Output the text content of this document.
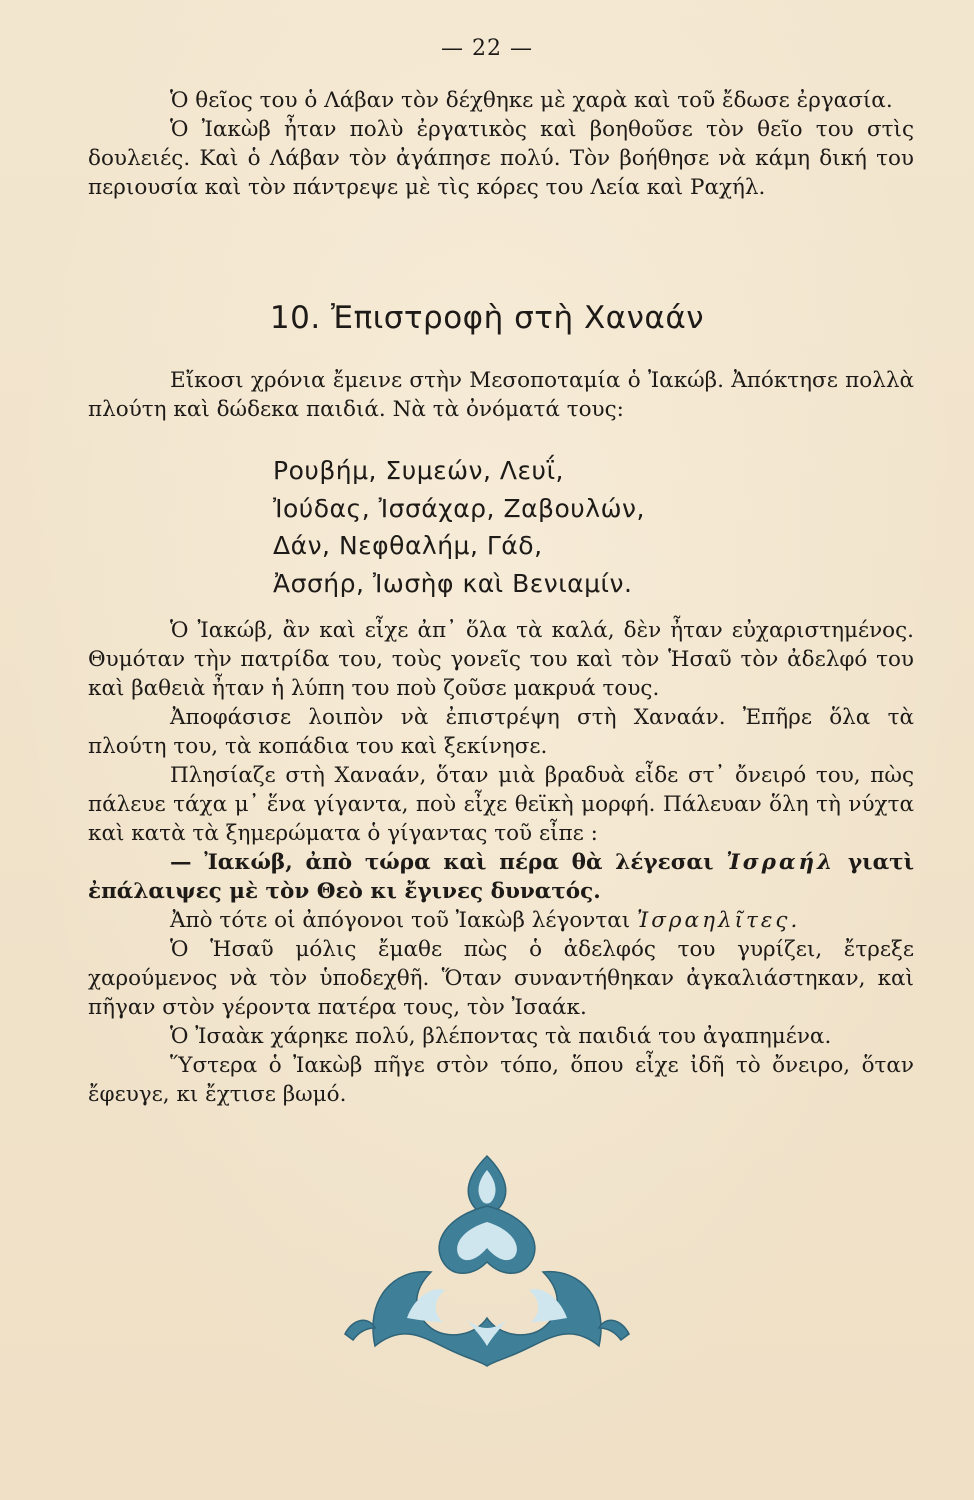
— 22 —

Ὁ θεῖος του ὁ Λάβαν τὸν δέχθηκε μὲ χαρὰ καὶ τοῦ ἔδωσε ἐργασία.

Ὁ Ἰακὼβ ἦταν πολὺ ἐργατικὸς καὶ βοηθοῦσε τὸν θεῖο του στὶς δουλειές. Καὶ ὁ Λάβαν τὸν ἀγάπησε πολύ. Τὸν βοήθησε νὰ κάμη δική του περιουσία καὶ τὸν πάντρεψε μὲ τὶς κόρες του Λεία καὶ Ραχήλ.

10. Ἐπιστροφὴ στὴ Χαναάν

Εἴκοσι χρόνια ἔμεινε στὴν Μεσοποταμία ὁ Ἰακώβ. Ἀπόκτησε πολλὰ πλούτη καὶ δώδεκα παιδιά. Νὰ τὰ ὀνόματά τους:

Ρουβήμ, Συμεών, Λευΐ,
Ἰούδας, Ἰσσάχαρ, Ζαβουλών,
Δάν, Νεφθαλήμ, Γάδ,
Ἀσσήρ, Ἰωσὴφ καὶ Βενιαμίν.

Ὁ Ἰακώβ, ἂν καὶ εἶχε ἀπ᾿ ὅλα τὰ καλά, δὲν ἦταν εὐχαριστημένος. Θυμόταν τὴν πατρίδα του, τοὺς γονεῖς του καὶ τὸν Ἡσαῦ τὸν ἀδελφό του καὶ βαθειὰ ἦταν ἡ λύπη του ποὺ ζοῦσε μακρυά τους.

Ἀποφάσισε λοιπὸν νὰ ἐπιστρέψη στὴ Χαναάν. Ἐπῆρε ὅλα τὰ πλούτη του, τὰ κοπάδια του καὶ ξεκίνησε.

Πλησίαζε στὴ Χαναάν, ὅταν μιὰ βραδυὰ εἶδε στ᾿ ὄνειρό του, πὼς πάλευε τάχα μ᾿ ἕνα γίγαντα, ποὺ εἶχε θεϊκὴ μορφή. Πάλευαν ὅλη τὴ νύχτα καὶ κατὰ τὰ ξημερώματα ὁ γίγαντας τοῦ εἶπε :

— Ἰακώβ, ἀπὸ τώρα καὶ πέρα θὰ λέγεσαι Ἰσραήλ γιατὶ ἐπάλαιψες μὲ τὸν Θεὸ κι ἔγινες δυνατός.

Ἀπὸ τότε οἱ ἀπόγονοι τοῦ Ἰακὼβ λέγονται Ἰσραηλῖτες.

Ὁ Ἡσαῦ μόλις ἔμαθε πὼς ὁ ἀδελφός του γυρίζει, ἔτρεξε χαρούμενος νὰ τὸν ὑποδεχθῆ. Ὅταν συναντήθηκαν ἀγκαλιάστηκαν, καὶ πῆγαν στὸν γέροντα πατέρα τους, τὸν Ἰσαάκ.

Ὁ Ἰσαὰκ χάρηκε πολύ, βλέποντας τὰ παιδιά του ἀγαπημένα.

Ὕστερα ὁ Ἰακὼβ πῆγε στὸν τόπο, ὅπου εἶχε ἰδῆ τὸ ὄνειρο, ὅταν ἔφευγε, κι ἔχτισε βωμό.
